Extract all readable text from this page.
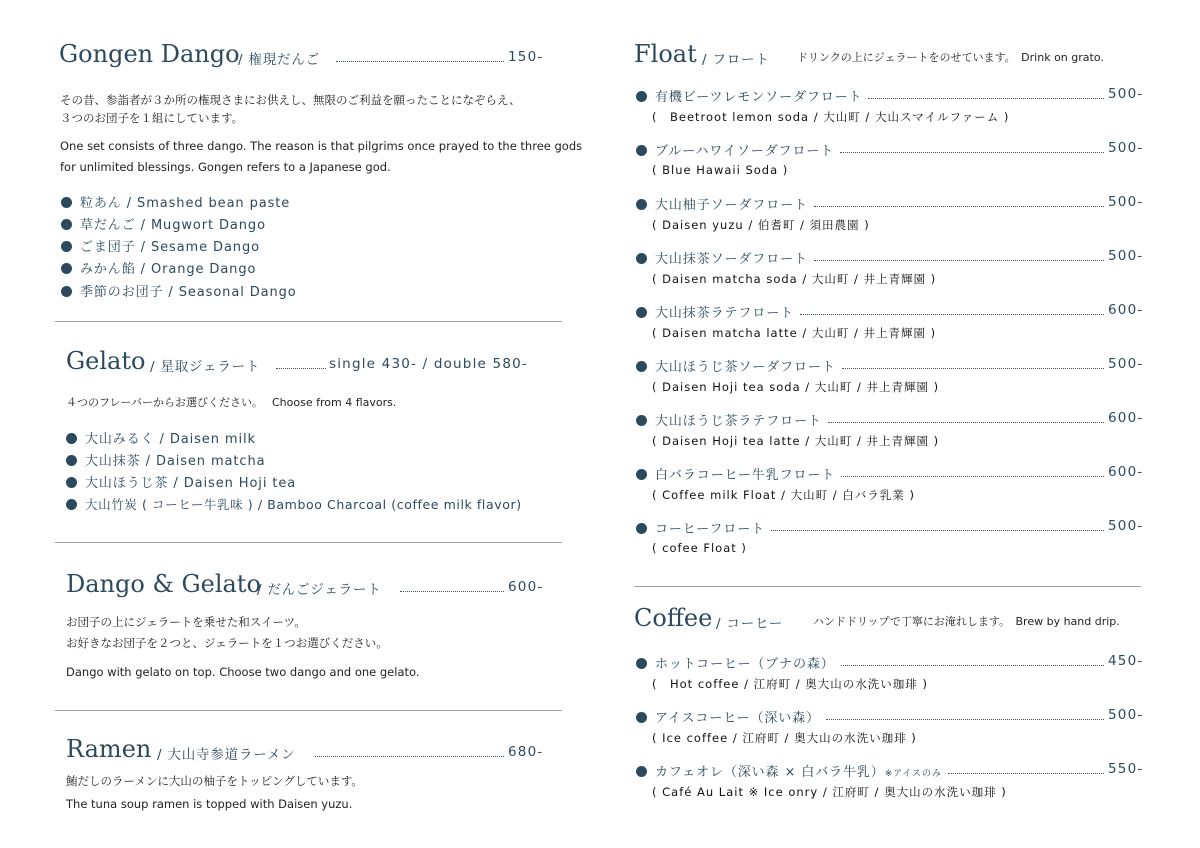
Gongen Dango
/ 権現だんご	150-
その昔、参詣者が３か所の権現さまにお供えし、無限のご利益を願ったことになぞらえ、
３つのお団子を１組にしています。
One set consists of three dango. The reason is that pilgrims once prayed to the three gods
for unlimited blessings. Gongen refers to a Japanese god.
粒あん / Smashed bean paste
草だんご / Mugwort Dango
ごま団子 / Sesame Dango
みかん餡 / Orange Dango
季節のお団子 / Seasonal Dango
Gelato / 星取ジェラート	single 430- / double 580-
４つのフレーバーからお選びください。　 Choose from 4 flavors.
大山みるく / Daisen milk
大山抹茶 / Daisen matcha
大山ほうじ茶 / Daisen Hoji tea
大山竹炭 ( コーヒー牛乳味 ) / Bamboo Charcoal (coffee milk flavor)
Dango & Gelato
/ だんごジェラート	600-
お団子の上にジェラートを乗せた和スイーツ。
お好きなお団子を２つと、ジェラートを１つお選びください。
Dango with gelato on top. Choose two dango and one gelato.
Ramen / 大山寺参道ラーメン	680-
鮪だしのラーメンに大山の柚子をトッピングしています。
The tuna soup ramen is topped with Daisen yuzu.
Float / フロート ドリンクの上にジェラートをのせています。　Drink on grato.
有機ビーツレモンソーダフロート	500-
(　Beetroot lemon soda / 大山町 / 大山スマイルファーム )
ブルーハワイソーダフロート	500-
( Blue Hawaii Soda )
大山柚子ソーダフロート	500-
( Daisen yuzu / 伯耆町 / 須田農園 )
大山抹茶ソーダフロート	500-
( Daisen matcha soda / 大山町 / 井上青輝園 )
大山抹茶ラテフロート	600-
( Daisen matcha latte / 大山町 / 井上青輝園 )
大山ほうじ茶ソーダフロート	500-
( Daisen Hoji tea soda / 大山町 / 井上青輝園 )
大山ほうじ茶ラテフロート	600-
( Daisen Hoji tea latte / 大山町 / 井上青輝園 )
白バラコーヒー牛乳フロート	600-
( Coffee milk Float / 大山町 / 白バラ乳業 )
コーヒーフロート	500-
( cofee Float )
Coffee / コーヒー	ハンドドリップで丁寧にお淹れします。　Brew by hand drip.
ホットコーヒー（ブナの森）	450-
(　Hot coffee / 江府町 / 奥大山の水洗い珈琲 )
アイスコーヒー（深い森）	500-
( Ice coffee / 江府町 / 奥大山の水洗い珈琲 )
カフェオレ（深い森 × 白バラ牛乳）※アイスのみ	550-
( Café Au Lait ※ Ice onry / 江府町 / 奥大山の水洗い珈琲 )
